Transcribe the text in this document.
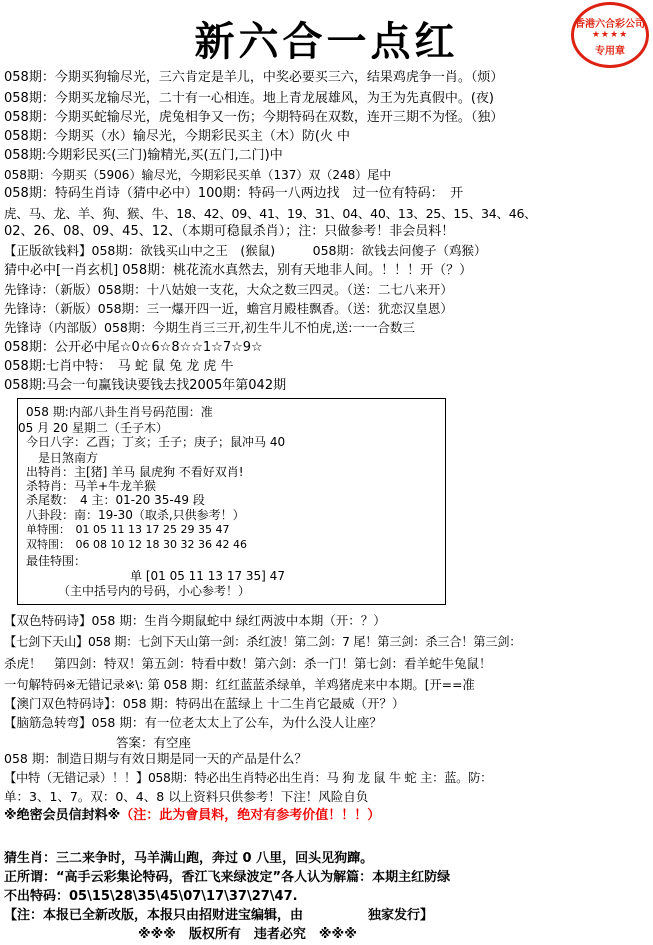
新六合一点红	香港六合彩公司
★★★★
专用章
058期：今期买狗输尽光，三六肯定是羊儿，中奖必要买三六，结果鸡虎争一肖。（烦）
058期：今期买龙输尽光，二十有一心相连。地上青龙展雄风，为王为先真假中。(夜)
058期：今期买蛇输尽光，虎兔相争又一伤；今期特码在双数，连开三期不为怪。（独）
058期：今期买（水）输尽光，今期彩民买主（木）防(火 中
058期:今期彩民买(三门)输精光,买(五门,二门)中
058期：今期买（5906）输尽光，今期彩民买单（137）双（248）尾中
058期：特码生肖诗（猜中必中）100期：特码一八两边找　过一位有特码：　开
虎、马、龙、羊、狗、猴、牛、18、42、09、41、19、31、04、40、13、25、15、34、46、
02、26、08、09、45、12、（本期可稳鼠杀肖）；注：只做参考！非会员料！
【正版欲钱料】058期：欲钱买山中之王　(猴鼠)　　　058期：欲钱去问傻子（鸡猴）
猜中必中[一肖玄机] 058期：桃花流水真然去，别有天地非人间。！！！开（？）
先锋诗：（新版）058期：十八姑娘一支花，大众之数三四灵。（送：二七八来开）
先锋诗：（新版）058期：三一爆开四一近，蟾宫月殿桂飘香。（送：犹恋汉皇恩）
先锋诗（内部版）058期：今期生肖三三开,初生牛儿不怕虎,送:一一合数三
058期：公开必中尾☆0☆6☆8☆☆1☆7☆9☆
058期:七肖中特：　马 蛇 鼠 兔 龙 虎 牛
058期:马会一句赢钱诀要钱去找2005年第042期
058 期:内部八卦生肖号码范围：准
05 月 20 星期二（壬子木）
今日八字：乙酉；丁亥；壬子；庚子；鼠冲马 40
是日煞南方
出特肖：主[猪] 羊马 鼠虎狗 不看好双肖!
杀特肖：马羊+牛龙羊猴
杀尾数：　4 主：01-20 35-49 段
八卦段：南：19-30（取杀,只供参考！）
单特围：　01 05 11 13 17 25 29 35 47
双特围：　06 08 10 12 18 30 32 36 42 46
最佳特围：
单 [01 05 11 13 17 35] 47
（主中括号内的号码，小心参考！）
【双色特码诗】058 期：生肖今期鼠蛇中 绿红两波中本期（开：？）
【七剑下天山】058 期：七剑下天山第一剑：杀红波！第二剑：7 尾！第三剑：杀三合！第三剑：
杀虎！　第四剑：特双！第五剑：特看中数！第六剑：杀一门！第七剑：看羊蛇牛兔鼠！
一句解特码※无错记录※\: 第 058 期：红红蓝蓝杀绿单，羊鸡猪虎来中本期。[开==准
【澳门双色特码诗】：058 期：特码出在蓝绿上 十二生肖它最威（开？）
【脑筋急转弯】058 期：有一位老太太上了公车，为什么没人让座？
答案：有空座
058 期：制造日期与有效日期是同一天的产品是什么？
【中特（无错记录）！！】058期：特必出生肖特必出生肖：马 狗 龙 鼠 牛 蛇 主：蓝。防：
单：3、1、7。双：0、4、8 以上资料只供参考！下注！风险自负
※绝密会员信封料※（注：此为會員料，绝对有参考价值！！！）
猜生肖：三二来争时，马羊满山跑，奔过 0 八里，回头见狗蹿。
正所谓：“高手云彩集论特码，香江飞来绿波定”各人认为解篇：本期主红防绿
不出特码：05\15\28\35\45\07\17\37\27\47.
【注：本报已全新改版，本报只由招财进宝编辑，由　　　　　独家发行】
※※※　版权所有　违者必究　※※※
